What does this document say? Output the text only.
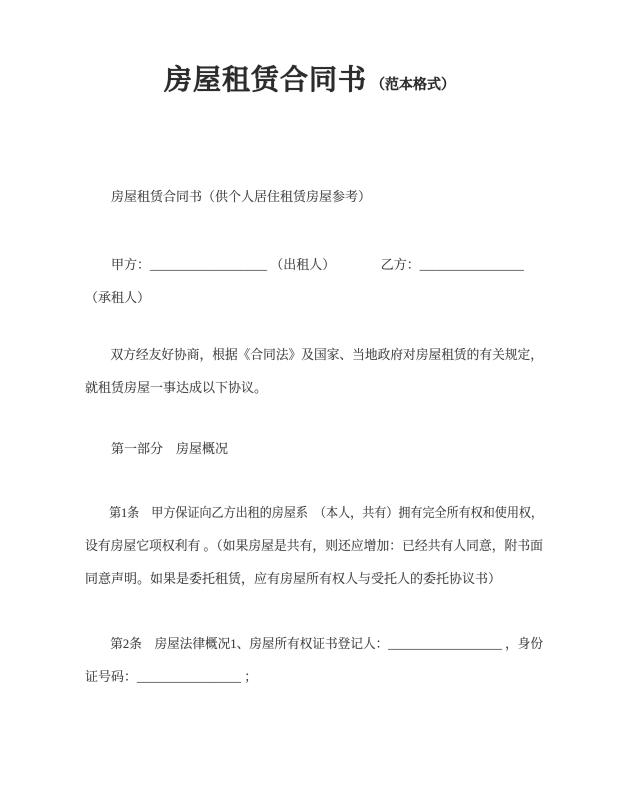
房屋租赁合同书 （范本格式）
　　房屋租赁合同书（供个人居住租赁房屋参考）
　　甲方：__________________ （出租人）　　　　乙方：________________
（承租人）
　　双方经友好协商，根据《合同法》及国家、当地政府对房屋租赁的有关规定，
就租赁房屋一事达成以下协议。
　　第一部分　房屋概况
　　第1条　甲方保证向乙方出租的房屋系　（本人，共有）拥有完全所有权和使用权，
设有房屋它项权利有 。（如果房屋是共有，则还应增加：已经共有人同意，附书面
同意声明。如果是委托租赁，应有房屋所有权人与受托人的委托协议书）
　　第2条　房屋法律概况1、房屋所有权证书登记人：__________________ ，身份
证号码：________________ ；
